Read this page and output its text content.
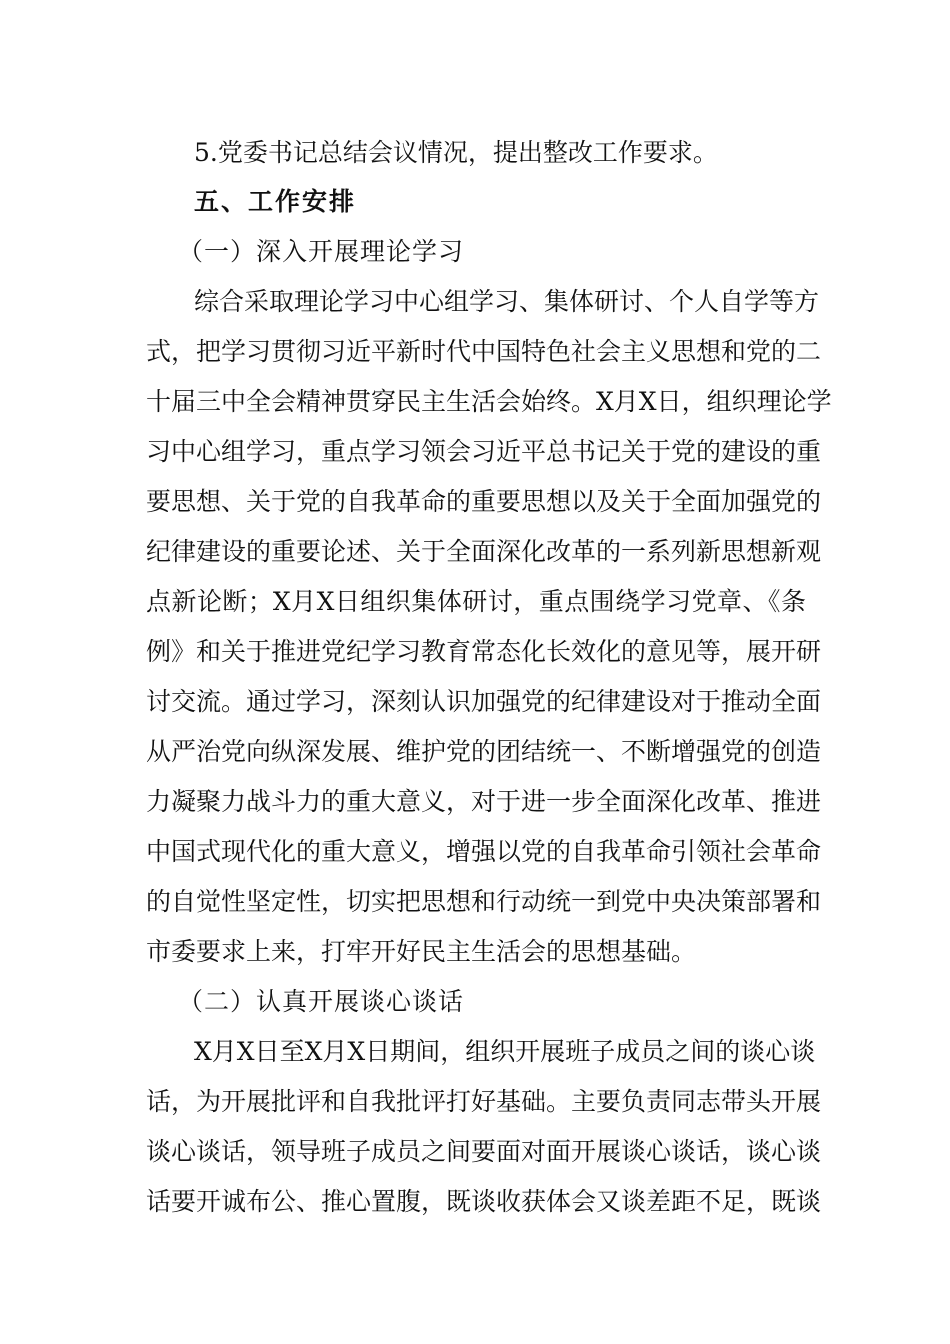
5.党委书记总结会议情况，提出整改工作要求。
五、工作安排
（一）深入开展理论学习
综合采取理论学习中心组学习、集体研讨、个人自学等方
式，把学习贯彻习近平新时代中国特色社会主义思想和党的二
十届三中全会精神贯穿民主生活会始终。X月X日，组织理论学
习中心组学习，重点学习领会习近平总书记关于党的建设的重
要思想、关于党的自我革命的重要思想以及关于全面加强党的
纪律建设的重要论述、关于全面深化改革的一系列新思想新观
点新论断；X月X日组织集体研讨，重点围绕学习党章、《条
例》和关于推进党纪学习教育常态化长效化的意见等，展开研
讨交流。通过学习，深刻认识加强党的纪律建设对于推动全面
从严治党向纵深发展、维护党的团结统一、不断增强党的创造
力凝聚力战斗力的重大意义，对于进一步全面深化改革、推进
中国式现代化的重大意义，增强以党的自我革命引领社会革命
的自觉性坚定性，切实把思想和行动统一到党中央决策部署和
市委要求上来，打牢开好民主生活会的思想基础。
（二）认真开展谈心谈话
X月X日至X月X日期间，组织开展班子成员之间的谈心谈
话，为开展批评和自我批评打好基础。主要负责同志带头开展
谈心谈话，领导班子成员之间要面对面开展谈心谈话，谈心谈
话要开诚布公、推心置腹，既谈收获体会又谈差距不足，既谈
